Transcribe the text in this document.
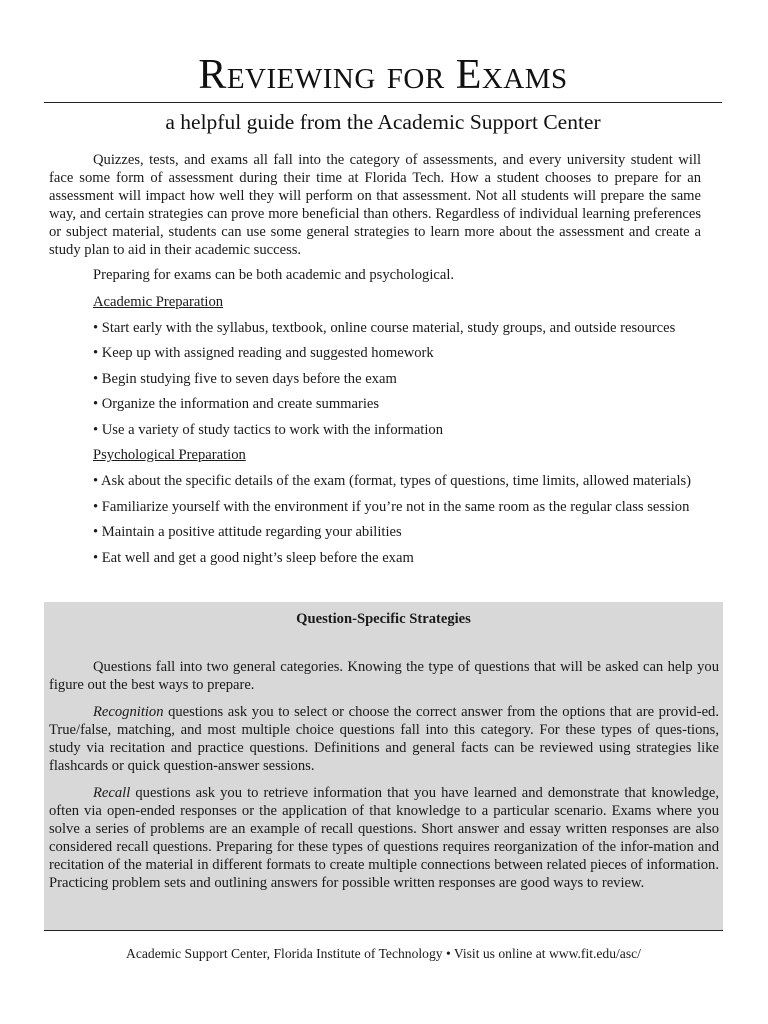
Reviewing for Exams
a helpful guide from the Academic Support Center

Quizzes, tests, and exams all fall into the category of assessments, and every university student will face some form of assessment during their time at Florida Tech. How a student chooses to prepare for an assessment will impact how well they will perform on that assessment. Not all students will prepare the same way, and certain strategies can prove more beneficial than others. Regardless of individual learning preferences or subject material, students can use some general strategies to learn more about the assessment and create a study plan to aid in their academic success.

Preparing for exams can be both academic and psychological.

Academic Preparation

• Start early with the syllabus, textbook, online course material, study groups, and outside resources

• Keep up with assigned reading and suggested homework

• Begin studying five to seven days before the exam

• Organize the information and create summaries

• Use a variety of study tactics to work with the information

Psychological Preparation

• Ask about the specific details of the exam (format, types of questions, time limits, allowed materials)

• Familiarize yourself with the environment if you’re not in the same room as the regular class session

• Maintain a positive attitude regarding your abilities

• Eat well and get a good night’s sleep before the exam

Question-Specific Strategies

Questions fall into two general categories. Knowing the type of questions that will be asked can help you figure out the best ways to prepare.

Recognition questions ask you to select or choose the correct answer from the options that are provid-ed. True/false, matching, and most multiple choice questions fall into this category. For these types of ques-tions, study via recitation and practice questions. Definitions and general facts can be reviewed using strategies like flashcards or quick question-answer sessions.

Recall questions ask you to retrieve information that you have learned and demonstrate that knowledge, often via open-ended responses or the application of that knowledge to a particular scenario. Exams where you solve a series of problems are an example of recall questions. Short answer and essay written responses are also considered recall questions. Preparing for these types of questions requires reorganization of the infor-mation and recitation of the material in different formats to create multiple connections between related pieces of information. Practicing problem sets and outlining answers for possible written responses are good ways to review.

Academic Support Center, Florida Institute of Technology • Visit us online at www.fit.edu/asc/
